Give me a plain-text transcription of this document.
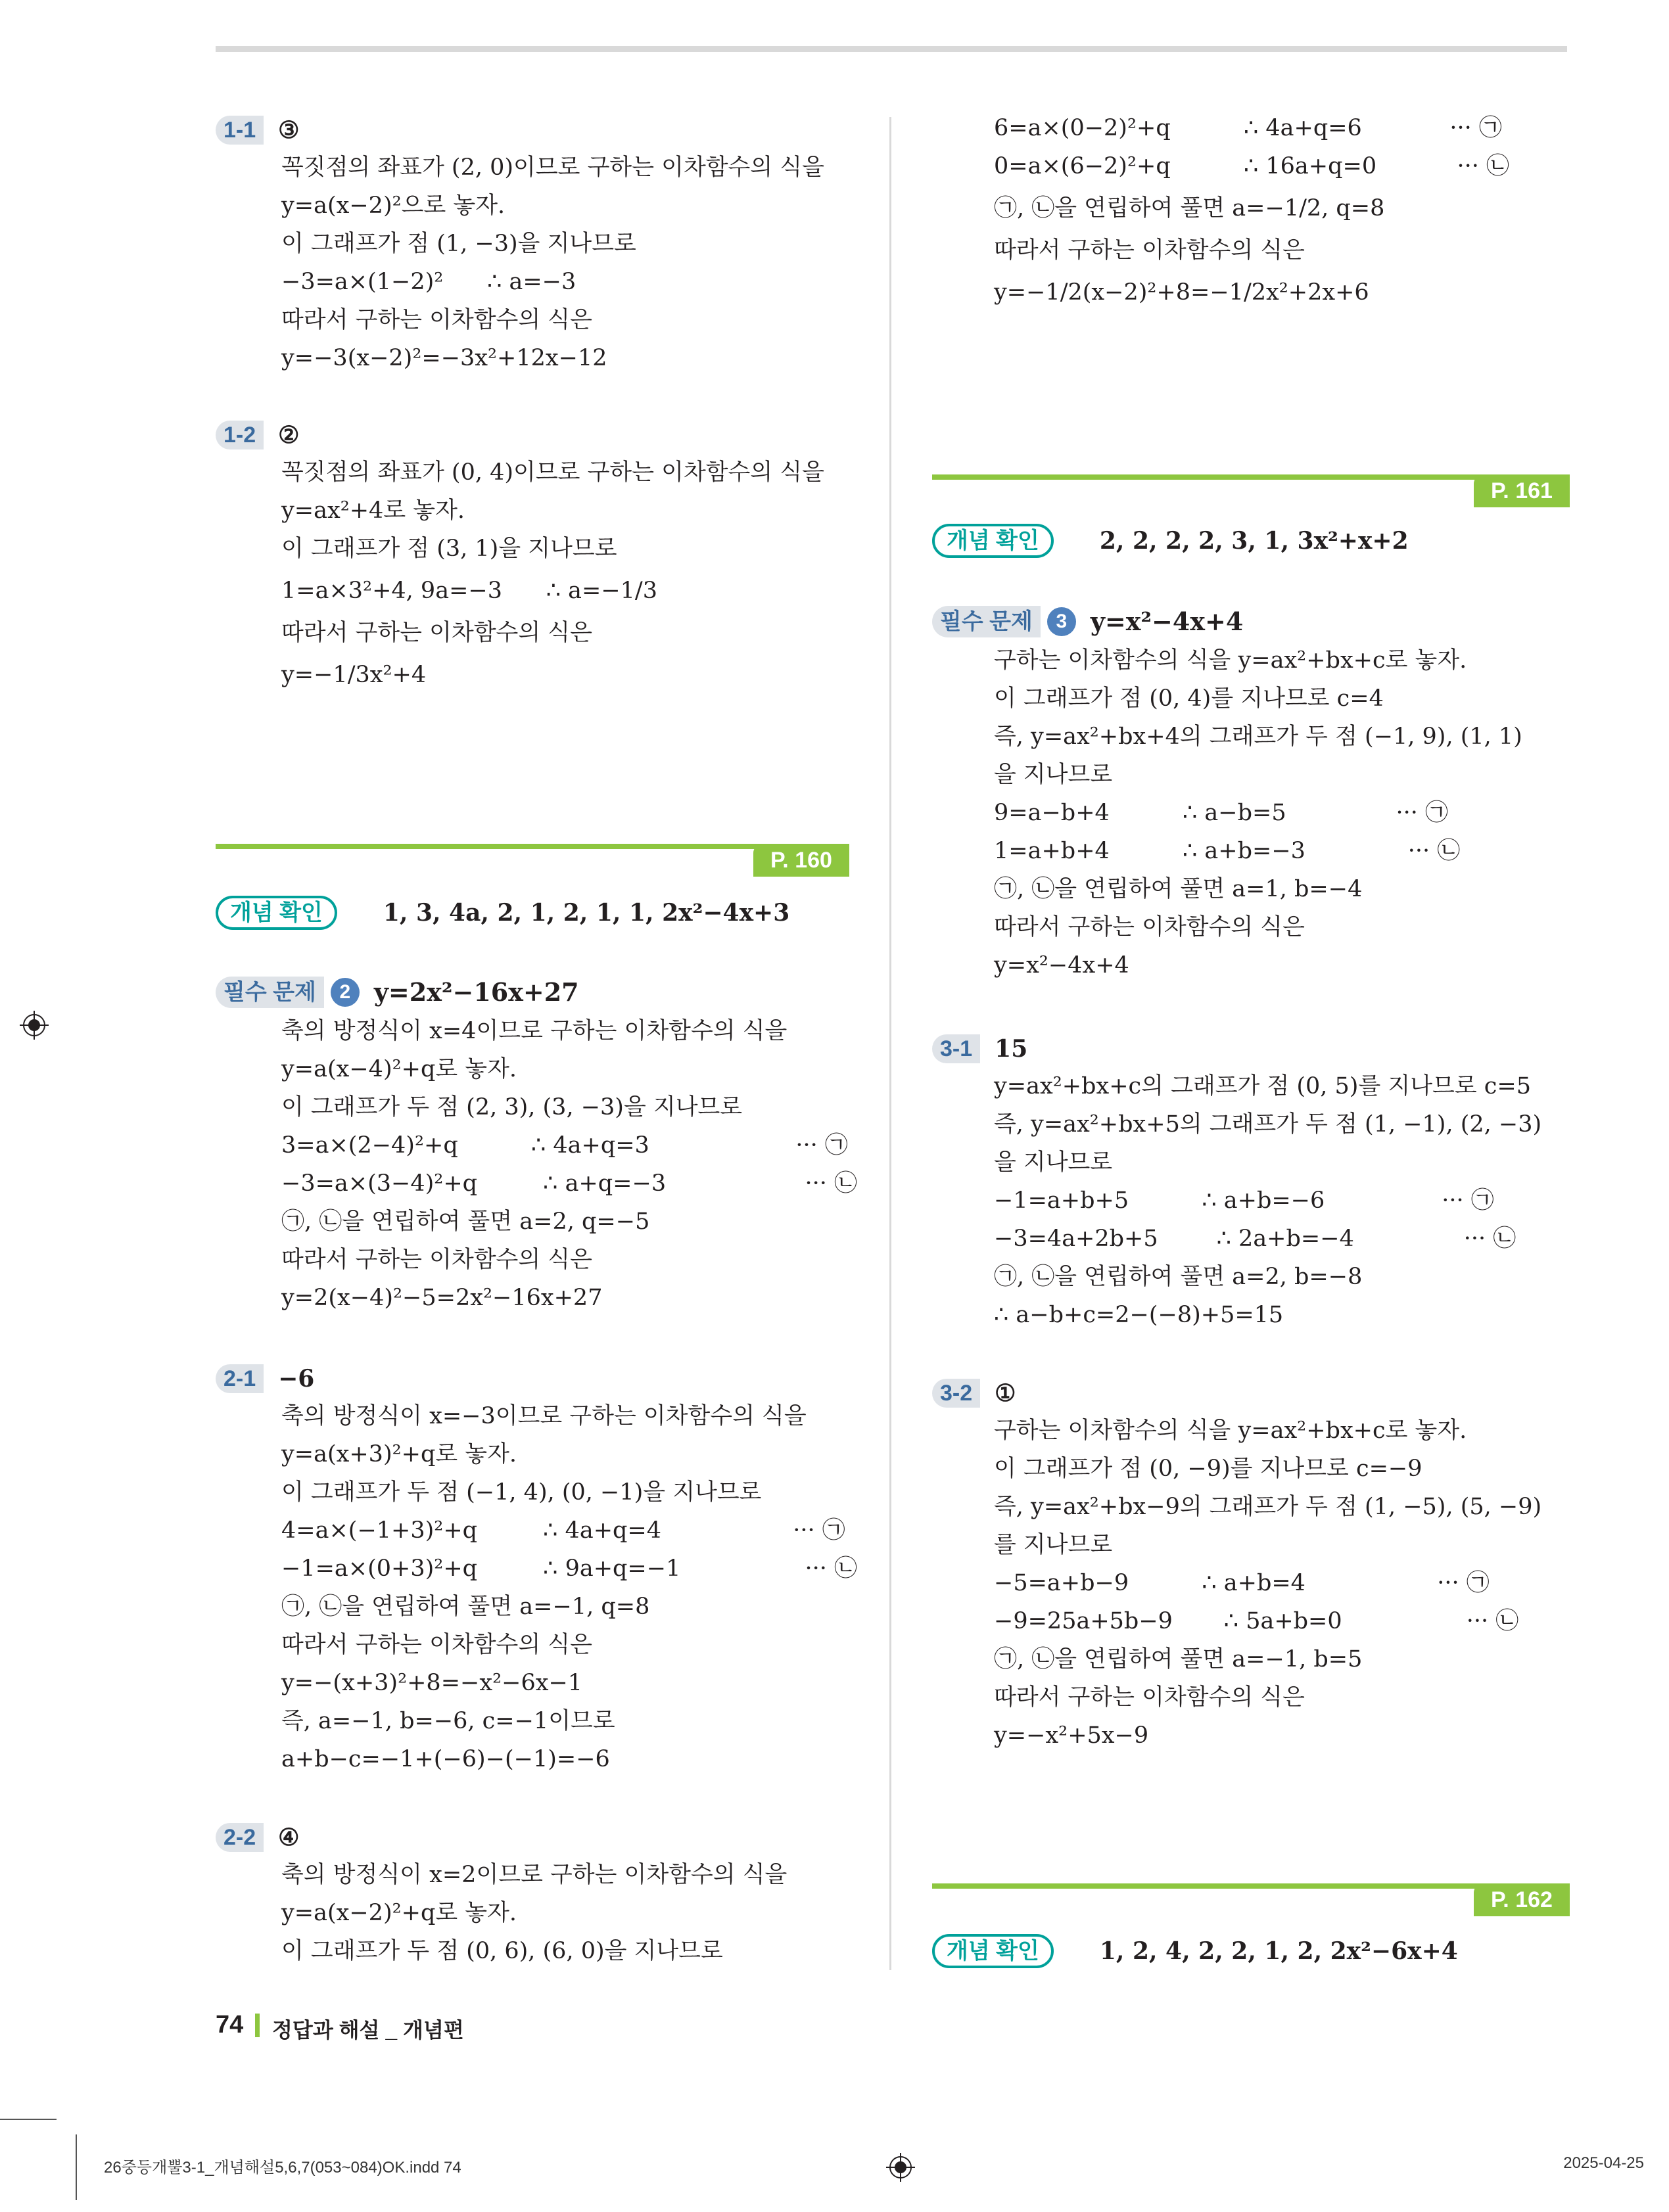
1-1 ③
꼭짓점의 좌표가 (2, 0)이므로 구하는 이차함수의 식을
y=a(x−2)²으로 놓자.
이 그래프가 점 (1, −3)을 지나므로
−3=a×(1−2)²      ∴ a=−3
따라서 구하는 이차함수의 식은
y=−3(x−2)²=−3x²+12x−12
1-2 ②
꼭짓점의 좌표가 (0, 4)이므로 구하는 이차함수의 식을
y=ax²+4로 놓자.
이 그래프가 점 (3, 1)을 지나므로
1=a×3²+4, 9a=−3      ∴ a=−1/3
따라서 구하는 이차함수의 식은
y=−1/3x²+4
P. 160
개념 확인	1, 3, 4a, 2, 1, 2, 1, 1, 2x²−4x+3
필수 문제 2 y=2x²−16x+27
축의 방정식이 x=4이므로 구하는 이차함수의 식을
y=a(x−4)²+q로 놓자.
이 그래프가 두 점 (2, 3), (3, −3)을 지나므로
3=a×(2−4)²+q          ∴ 4a+q=3                    ··· ㉠
−3=a×(3−4)²+q         ∴ a+q=−3                   ··· ㉡
㉠, ㉡을 연립하여 풀면 a=2, q=−5
따라서 구하는 이차함수의 식은
y=2(x−4)²−5=2x²−16x+27
2-1 −6
축의 방정식이 x=−3이므로 구하는 이차함수의 식을
y=a(x+3)²+q로 놓자.
이 그래프가 두 점 (−1, 4), (0, −1)을 지나므로
4=a×(−1+3)²+q         ∴ 4a+q=4                  ··· ㉠
−1=a×(0+3)²+q         ∴ 9a+q=−1                 ··· ㉡
㉠, ㉡을 연립하여 풀면 a=−1, q=8
따라서 구하는 이차함수의 식은
y=−(x+3)²+8=−x²−6x−1
즉, a=−1, b=−6, c=−1이므로
a+b−c=−1+(−6)−(−1)=−6
2-2 ④
축의 방정식이 x=2이므로 구하는 이차함수의 식을
y=a(x−2)²+q로 놓자.
이 그래프가 두 점 (0, 6), (6, 0)을 지나므로
6=a×(0−2)²+q          ∴ 4a+q=6            ··· ㉠
0=a×(6−2)²+q          ∴ 16a+q=0           ··· ㉡
㉠, ㉡을 연립하여 풀면 a=−1/2, q=8
따라서 구하는 이차함수의 식은
y=−1/2(x−2)²+8=−1/2x²+2x+6
P. 161
개념 확인	2, 2, 2, 2, 3, 1, 3x²+x+2
필수 문제 3 y=x²−4x+4
구하는 이차함수의 식을 y=ax²+bx+c로 놓자.
이 그래프가 점 (0, 4)를 지나므로 c=4
즉, y=ax²+bx+4의 그래프가 두 점 (−1, 9), (1, 1)
을 지나므로
9=a−b+4          ∴ a−b=5               ··· ㉠
1=a+b+4          ∴ a+b=−3              ··· ㉡
㉠, ㉡을 연립하여 풀면 a=1, b=−4
따라서 구하는 이차함수의 식은
y=x²−4x+4
3-1 15
y=ax²+bx+c의 그래프가 점 (0, 5)를 지나므로 c=5
즉, y=ax²+bx+5의 그래프가 두 점 (1, −1), (2, −3)
을 지나므로
−1=a+b+5          ∴ a+b=−6                ··· ㉠
−3=4a+2b+5        ∴ 2a+b=−4               ··· ㉡
㉠, ㉡을 연립하여 풀면 a=2, b=−8
∴ a−b+c=2−(−8)+5=15
3-2 ①
구하는 이차함수의 식을 y=ax²+bx+c로 놓자.
이 그래프가 점 (0, −9)를 지나므로 c=−9
즉, y=ax²+bx−9의 그래프가 두 점 (1, −5), (5, −9)
를 지나므로
−5=a+b−9          ∴ a+b=4                  ··· ㉠
−9=25a+5b−9       ∴ 5a+b=0                 ··· ㉡
㉠, ㉡을 연립하여 풀면 a=−1, b=5
따라서 구하는 이차함수의 식은
y=−x²+5x−9
P. 162
개념 확인	1, 2, 4, 2, 2, 1, 2, 2x²−6x+4
74 정답과 해설 _ 개념편
26중등개뿔3-1_개념해설5,6,7(053~084)OK.indd 74	2025-04-25
